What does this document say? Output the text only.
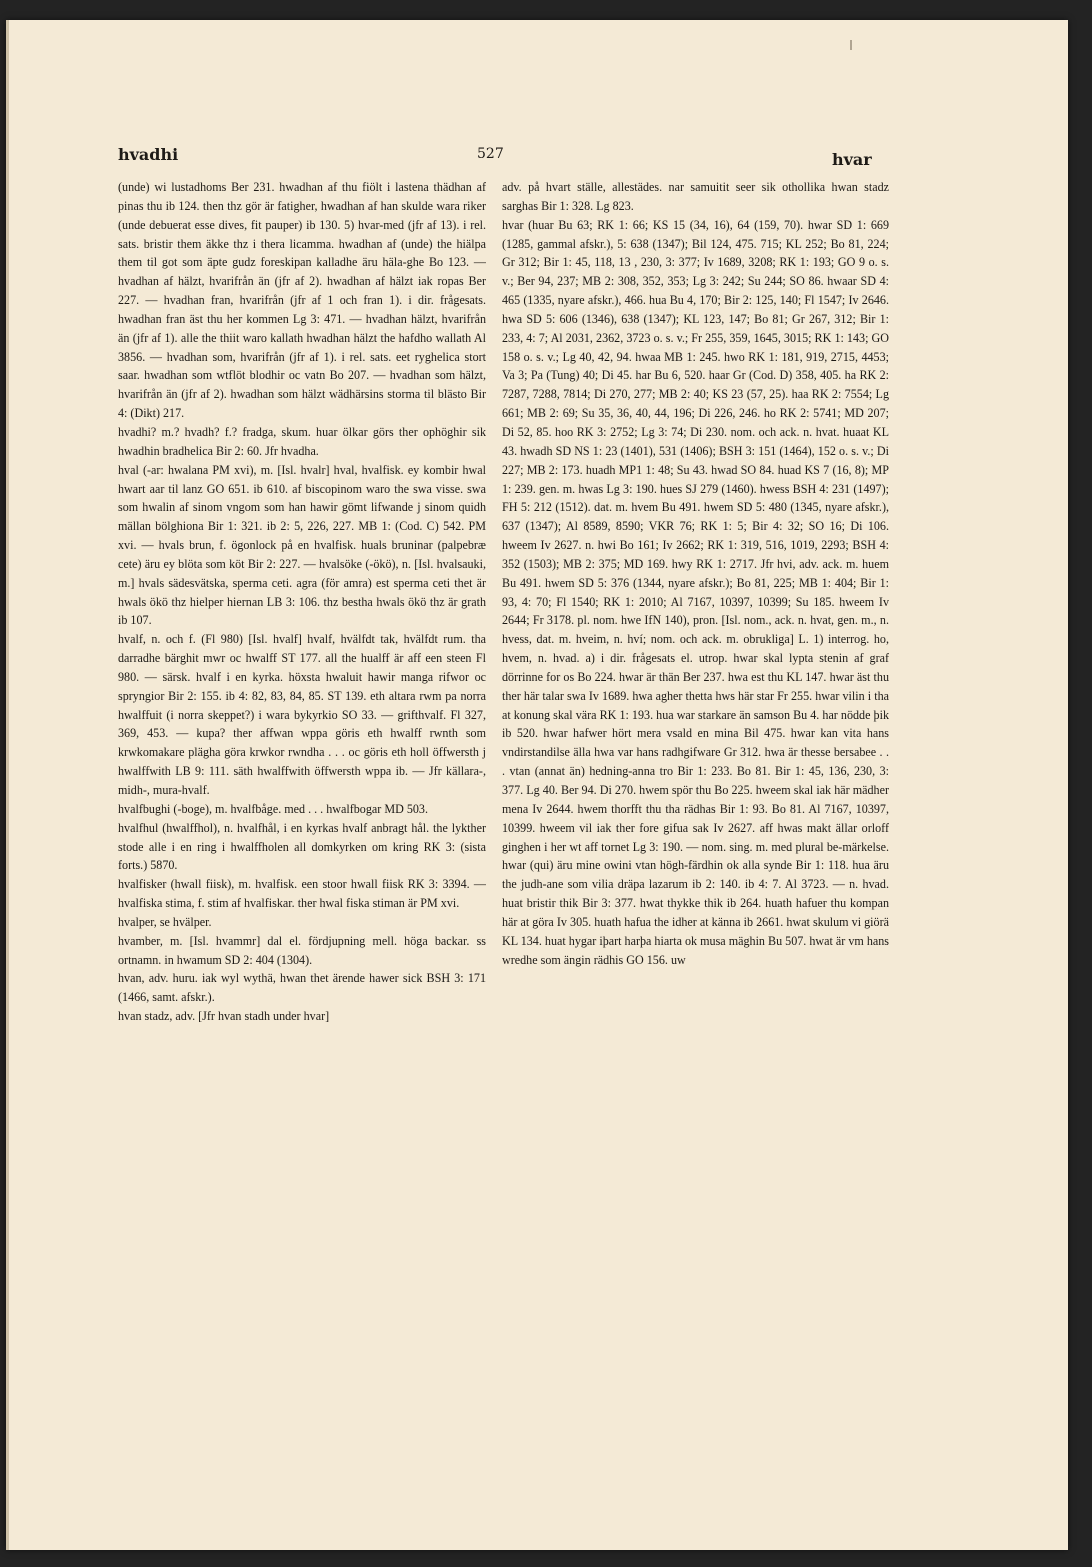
hvadhi	527	hvar

(unde) wi lustadhoms Ber 231. hwadhan af thu fiölt i lastena thädhan af pinas thu ib 124. then thz gör är fatigher, hwadhan af han skulde wara riker (unde debuerat esse dives, fit pauper) ib 130. 5) hvar-med (jfr af 13). i rel. sats. bristir them äkke thz i thera licamma. hwadhan af (unde) the hiälpa them til got som äpte gudz foreskipan kalladhe äru häla-ghe Bo 123. — hvadhan af hälzt, hvarifrån än (jfr af 2). hwadhan af hälzt iak ropas Ber 227. — hvadhan fran, hvarifrån (jfr af 1 och fran 1). i dir. frågesats. hwadhan fran äst thu her kommen Lg 3: 471. — hvadhan hälzt, hvarifrån än (jfr af 1). alle the thiit waro kallath hwadhan hälzt the hafdho wallath Al 3856. — hvadhan som, hvarifrån (jfr af 1). i rel. sats. eet ryghelica stort saar. hwadhan som wtflöt blodhir oc vatn Bo 207. — hvadhan som hälzt, hvarifrån än (jfr af 2). hwadhan som hälzt wädhärsins storma til blästo Bir 4: (Dikt) 217.

hvadhi? m.? hvadh? f.? fradga, skum. huar ölkar görs ther ophöghir sik hwadhin bradhelica Bir 2: 60. Jfr hvadha.

hval (-ar: hwalana PM xvi), m. [Isl. hvalr] hval, hvalfisk. ey kombir hwal hwart aar til lanz GO 651. ib 610. af biscopinom waro the swa visse. swa som hwalin af sinom vngom som han hawir gömt lifwande j sinom quidh mällan bölghiona Bir 1: 321. ib 2: 5, 226, 227. MB 1: (Cod. C) 542. PM xvi. — hvals brun, f. ögonlock på en hvalfisk. huals bruninar (palpebræ cete) äru ey blöta som köt Bir 2: 227. — hvalsöke (-ökö), n. [Isl. hvalsauki, m.] hvals sädesvätska, sperma ceti. agra (för amra) est sperma ceti thet är hwals ökö thz hielper hiernan LB 3: 106. thz bestha hwals ökö thz är grath ib 107.

hvalf, n. och f. (Fl 980) [Isl. hvalf] hvalf, hvälfdt tak, hvälfdt rum. tha darradhe bärghit mwr oc hwalff ST 177. all the hualff är aff een steen Fl 980. — särsk. hvalf i en kyrka. höxsta hwaluit hawir manga rifwor oc spryngior Bir 2: 155. ib 4: 82, 83, 84, 85. ST 139. eth altara rwm pa norra hwalffuit (i norra skeppet?) i wara bykyrkio SO 33. — grifthvalf. Fl 327, 369, 453. — kupa? ther affwan wppa göris eth hwalff rwnth som krwkomakare plägha göra krwkor rwndha . . . oc göris eth holl öffwersth j hwalffwith LB 9: 111. säth hwalffwith öffwersth wppa ib. — Jfr källara-, midh-, mura-hvalf.

hvalfbughi (-boge), m. hvalfbåge. med . . . hwalfbogar MD 503.

hvalfhul (hwalffhol), n. hvalfhål, i en kyrkas hvalf anbragt hål. the lykther stode alle i en ring i hwalffholen all domkyrken om kring RK 3: (sista forts.) 5870.

hvalfisker (hwall fiisk), m. hvalfisk. een stoor hwall fiisk RK 3: 3394. — hvalfiska stima, f. stim af hvalfiskar. ther hwal fiska stiman är PM xvi.

hvalper, se hvälper.

hvamber, m. [Isl. hvammr] dal el. fördjupning mell. höga backar. ss ortnamn. in hwamum SD 2: 404 (1304).

hvan, adv. huru. iak wyl wythä, hwan thet ärende hawer sick BSH 3: 171 (1466, samt. afskr.).

hvan stadz, adv. [Jfr hvan stadh under hvar]

adv. på hvart ställe, allestädes. nar samuitit seer sik othollika hwan stadz sarghas Bir 1: 328. Lg 823.

hvar (huar Bu 63; RK 1: 66; KS 15 (34, 16), 64 (159, 70). hwar SD 1: 669 (1285, gammal afskr.), 5: 638 (1347); Bil 124, 475. 715; KL 252; Bo 81, 224; Gr 312; Bir 1: 45, 118, 13 , 230, 3: 377; Iv 1689, 3208; RK 1: 193; GO 9 o. s. v.; Ber 94, 237; MB 2: 308, 352, 353; Lg 3: 242; Su 244; SO 86. hwaar SD 4: 465 (1335, nyare afskr.), 466. hua Bu 4, 170; Bir 2: 125, 140; Fl 1547; Iv 2646. hwa SD 5: 606 (1346), 638 (1347); KL 123, 147; Bo 81; Gr 267, 312; Bir 1: 233, 4: 7; Al 2031, 2362, 3723 o. s. v.; Fr 255, 359, 1645, 3015; RK 1: 143; GO 158 o. s. v.; Lg 40, 42, 94. hwaa MB 1: 245. hwo RK 1: 181, 919, 2715, 4453; Va 3; Pa (Tung) 40; Di 45. har Bu 6, 520. haar Gr (Cod. D) 358, 405. ha RK 2: 7287, 7288, 7814; Di 270, 277; MB 2: 40; KS 23 (57, 25). haa RK 2: 7554; Lg 661; MB 2: 69; Su 35, 36, 40, 44, 196; Di 226, 246. ho RK 2: 5741; MD 207; Di 52, 85. hoo RK 3: 2752; Lg 3: 74; Di 230. nom. och ack. n. hvat. huaat KL 43. hwadh SD NS 1: 23 (1401), 531 (1406); BSH 3: 151 (1464), 152 o. s. v.; Di 227; MB 2: 173. huadh MP1 1: 48; Su 43. hwad SO 84. huad KS 7 (16, 8); MP 1: 239. gen. m. hwas Lg 3: 190. hues SJ 279 (1460). hwess BSH 4: 231 (1497); FH 5: 212 (1512). dat. m. hvem Bu 491. hwem SD 5: 480 (1345, nyare afskr.), 637 (1347); Al 8589, 8590; VKR 76; RK 1: 5; Bir 4: 32; SO 16; Di 106. hweem Iv 2627. n. hwi Bo 161; Iv 2662; RK 1: 319, 516, 1019, 2293; BSH 4: 352 (1503); MB 2: 375; MD 169. hwy RK 1: 2717. Jfr hvi, adv. ack. m. huem Bu 491. hwem SD 5: 376 (1344, nyare afskr.); Bo 81, 225; MB 1: 404; Bir 1: 93, 4: 70; Fl 1540; RK 1: 2010; Al 7167, 10397, 10399; Su 185. hweem Iv 2644; Fr 3178. pl. nom. hwe IfN 140), pron. [Isl. nom., ack. n. hvat, gen. m., n. hvess, dat. m. hveim, n. hví; nom. och ack. m. obrukliga] L. 1) interrog. ho, hvem, n. hvad. a) i dir. frågesats el. utrop. hwar skal lypta stenin af graf dörrinne for os Bo 224. hwar är thän Ber 237. hwa est thu KL 147. hwar äst thu ther här talar swa Iv 1689. hwa agher thetta hws här star Fr 255. hwar vilin i tha at konung skal vära RK 1: 193. hua war starkare än samson Bu 4. har nödde þik ib 520. hwar hafwer hört mera vsald en mina Bil 475. hwar kan vita hans vndirstandilse älla hwa var hans radhgifware Gr 312. hwa är thesse bersabee . . . vtan (annat än) hedning-anna tro Bir 1: 233. Bo 81. Bir 1: 45, 136, 230, 3: 377. Lg 40. Ber 94. Di 270. hwem spör thu Bo 225. hweem skal iak här mädher mena Iv 2644. hwem thorfft thu tha rädhas Bir 1: 93. Bo 81. Al 7167, 10397, 10399. hweem vil iak ther fore gifua sak Iv 2627. aff hwas makt ällar orloff ginghen i her wt aff tornet Lg 3: 190. — nom. sing. m. med plural be-märkelse. hwar (qui) äru mine owini vtan högh-färdhin ok alla synde Bir 1: 118. hua äru the judh-ane som vilia dräpa lazarum ib 2: 140. ib 4: 7. Al 3723. — n. hvad. huat bristir thik Bir 3: 377. hwat thykke thik ib 264. huath hafuer thu kompan här at göra Iv 305. huath hafua the idher at känna ib 2661. hwat skulum vi giörä KL 134. huat hygar iþart harþa hiarta ok musa mäghin Bu 507. hwat är vm hans wredhe som ängin rädhis GO 156. uw
